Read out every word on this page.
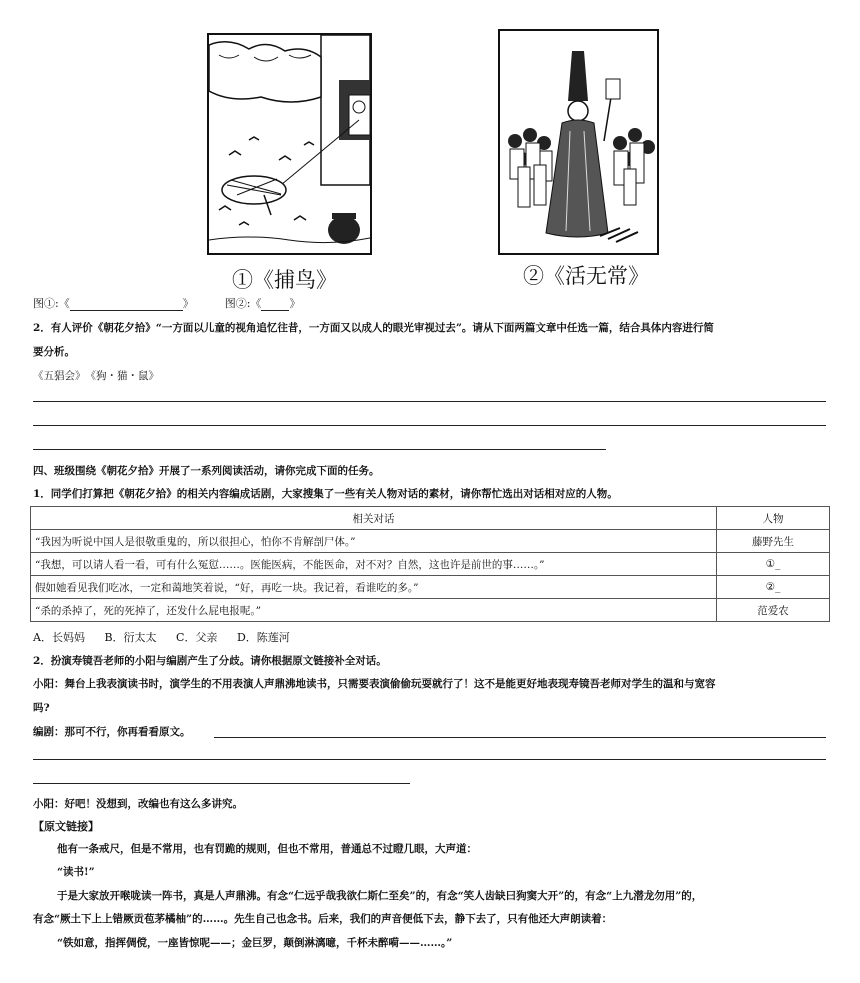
①《捕鸟》	②《活无常》
图①:《	》	图②:《	》
2．有人评价《朝花夕拾》“一方面以儿童的视角追忆往昔，一方面又以成人的眼光审视过去”。请从下面两篇文章中任选一篇，结合具体内容进行简
要分析。
《五猖会》　《狗・猫・鼠》
四、班级围绕《朝花夕拾》开展了一系列阅读活动，请你完成下面的任务。
1．同学们打算把《朝花夕拾》的相关内容编成话剧，大家搜集了一些有关人物对话的素材，请你帮忙选出对话相对应的人物。
相关对话	人物
“我因为听说中国人是很敬重鬼的，所以很担心，怕你不肯解剖尸体。”	藤野先生
“我想，可以请人看一看，可有什么冤愆……。医能医病，不能医命，对不对？自然，这也许是前世的事……。”	①_
假如她看见我们吃冰，一定和蔼地笑着说，“好，再吃一块。我记着，看谁吃的多。”	②_
“杀的杀掉了，死的死掉了，还发什么屁电报呢。”	范爱农
A．长妈妈 B．衍太太 C．父亲 D．陈莲河
2．扮演寿镜吾老师的小阳与编剧产生了分歧。请你根据原文链接补全对话。
小阳：舞台上我表演读书时，演学生的不用表演人声鼎沸地读书，只需要表演偷偷玩耍就行了！这不是能更好地表现寿镜吾老师对学生的温和与宽容
吗?
编剧：那可不行，你再看看原文。
小阳：好吧！没想到，改编也有这么多讲究。
【原文链接】
他有一条戒尺，但是不常用，也有罚跪的规则，但也不常用，普通总不过瞪几眼，大声道：
“读书!”
于是大家放开喉咙读一阵书，真是人声鼎沸。有念“仁远乎哉我欲仁斯仁至矣”的，有念“笑人齿缺曰狗窦大开”的，有念“上九潜龙勿用”的，
有念“厥土下上上错厥贡苞茅橘柚”的……。先生自己也念书。后来，我们的声音便低下去，静下去了，只有他还大声朗读着：
“铁如意，指挥倜傥，一座皆惊呢——；金巨罗，颠倒淋漓噫，千杯未醉嗬——……。”
